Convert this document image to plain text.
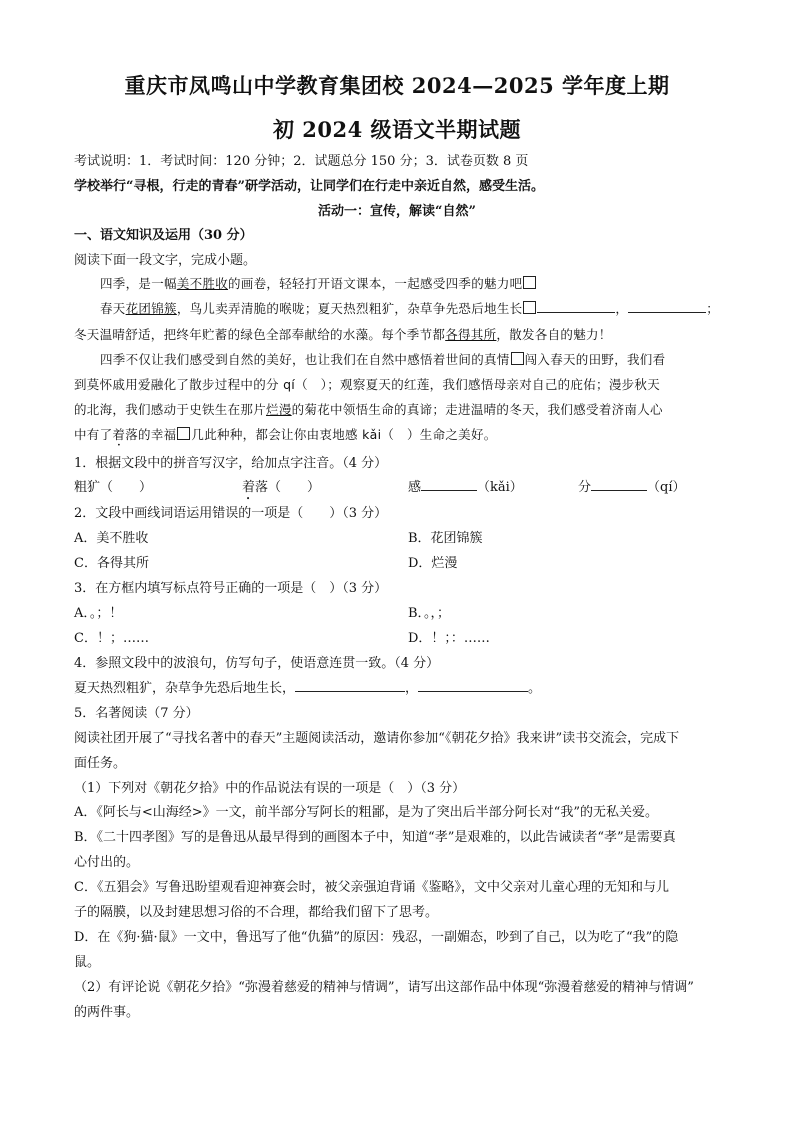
重庆市凤鸣山中学教育集团校 2024—2025 学年度上期
初 2024 级语文半期试题
考试说明：1．考试时间：120 分钟；2．试题总分 150 分；3．试卷页数 8 页
学校举行“寻根，行走的青春”研学活动，让同学们在行走中亲近自然，感受生活。
活动一：宣传，解读“自然”
一、语文知识及运用（30 分）
阅读下面一段文字，完成小题。
四季，是一幅美不胜收的画卷，轻轻打开语文课本，一起感受四季的魅力吧
春天花团锦簇，鸟儿卖弄清脆的喉咙；夏天热烈粗犷，杂草争先恐后地生长	，	；
冬天温晴舒适，把终年贮蓄的绿色全部奉献给的水藻。每个季节都各得其所，散发各自的魅力！
四季不仅让我们感受到自然的美好，也让我们在自然中感悟着世间的真情 闯入春天的田野，我们看
到莫怀戚用爱融化了散步过程中的分 qí（　）；观察夏天的红莲，我们感悟母亲对自己的庇佑；漫步秋天
的北海，我们感动于史铁生在那片烂漫的菊花中领悟生命的真谛；走进温晴的冬天，我们感受着济南人心
中有了着落的幸福 几此种种，都会让你由衷地感 kǎi（　）生命之美好。
1．根据文段中的拼音写汉字，给加点字注音。（4 分）
粗犷（　　）	着落（　　）	感	（kǎi）	分	（qí）
2．文段中画线词语运用错误的一项是（　　）（3 分）
A．美不胜收	B．花团锦簇
C．各得其所	D．烂漫
3．在方框内填写标点符号正确的一项是（　）（3 分）
A．。；！	B．。，；
C．！；……	D．！；：……
4．参照文段中的波浪句，仿写句子，使语意连贯一致。（4 分）
夏天热烈粗犷，杂草争先恐后地生长，	，	。
5．名著阅读（7 分）
阅读社团开展了“寻找名著中的春天”主题阅读活动，邀请你参加“《朝花夕拾》我来讲”读书交流会，完成下
面任务。
（1）下列对《朝花夕拾》中的作品说法有误的一项是（　）（3 分）
A．《阿长与<山海经>》一文，前半部分写阿长的粗鄙，是为了突出后半部分阿长对“我”的无私关爱。
B．《二十四孝图》写的是鲁迅从最早得到的画图本子中，知道“孝”是艰难的，以此告诫读者“孝”是需要真
心付出的。
C．《五猖会》写鲁迅盼望观看迎神赛会时，被父亲强迫背诵《鉴略》，文中父亲对儿童心理的无知和与儿
子的隔膜，以及封建思想习俗的不合理，都给我们留下了思考。
D．在《狗·猫·鼠》一文中，鲁迅写了他“仇猫”的原因：残忍，一副媚态，吵到了自己，以为吃了“我”的隐
鼠。
（2）有评论说《朝花夕拾》“弥漫着慈爱的精神与情调”，请写出这部作品中体现“弥漫着慈爱的精神与情调”
的两件事。
